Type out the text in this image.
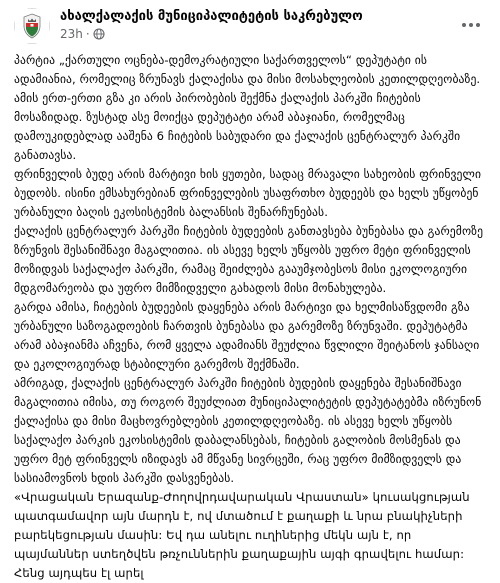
ახალქალაქის მუნიციპალიტეტის საკრებულო
23h ·

პარტია „ქართული ოცნება-დემოკრატიული საქართველოს“ დეპუტატი ის ადამიანია, რომელიც ზრუნავს ქალაქისა და მისი მოსახლეობის კეთილდღეობაზე. ამის ერთ-ერთი გზა კი არის პირობების შექმნა ქალაქის პარკში ჩიტების მოსაზიდად. ზუსტად ასე მოიქცა დეპუტატი არამ აბაჯიანი, რომელმაც დამოუკიდებლად ააშენა 6 ჩიტების საბუდარი და ქალაქის ცენტრალურ პარკში განათავსა.

ფრინველის ბუდე არის მარტივი ხის ყუთები, სადაც მრავალი სახეობის ფრინველი ბუდობს. ისინი ემსახურებიან ფრინველების უსაფრთხო ბუდეებს და ხელს უწყობენ ურბანული ბაღის ეკოსისტემის ბალანსის შენარჩუნებას.

ქალაქის ცენტრალურ პარკში ჩიტების ბუდეების განთავსება ბუნებასა და გარემოზე ზრუნვის შესანიშნავი მაგალითია. ის ასევე ხელს უწყობს უფრო მეტი ფრინველის მოზიდვას საქალაქო პარკში, რამაც შეიძლება გააუმჯობესოს მისი ეკოლოგიური მდგომარეობა და უფრო მიმზიდველი გახადოს მისი მონახულება.

გარდა ამისა, ჩიტების ბუდეების დაყენება არის მარტივი და ხელმისაწვდომი გზა ურბანული საზოგადოების ჩართვის ბუნებასა და გარემოზე ზრუნვაში. დეპუტატმა არამ აბაჯიანმა აჩვენა, რომ ყველა ადამიანს შეუძლია წვლილი შეიტანოს ჯანსაღი და ეკოლოგიურად სტაბილური გარემოს შექმნაში.

ამრიგად, ქალაქის ცენტრალურ პარკში ჩიტების ბუდების დაყენება შესანიშნავი მაგალითია იმისა, თუ როგორ შეუძლიათ მუნიციპალიტეტის დეპუტატებმა იზრუნონ ქალაქისა და მისი მაცხოვრებლების კეთილდღეობაზე. ის ასევე ხელს უწყობს საქალაქო პარკის ეკოსისტემის დაბალანსებას, ჩიტების გალობის მოსმენას და უფრო მეტ ფრინველს იზიდავს ამ მწვანე სივრცეში, რაც უფრო მიმზიდველს და სასიამოვნოს ხდის პარკში დასვენებას.

«Վրացական Երազանք-Ժողովրդավարական Վրաստան» կուսակցության պատգամավոր այն մարդն է, ով մտածում է քաղաքի և նրա բնակիչների բարեկեցության մասին: Եվ դա անելու ուղիներից մեկն այն է, որ պայմաններ ստեղծվեն թռչուններին քաղաքային այգի գրավելու համար: Հենց այդպես էլ արել
